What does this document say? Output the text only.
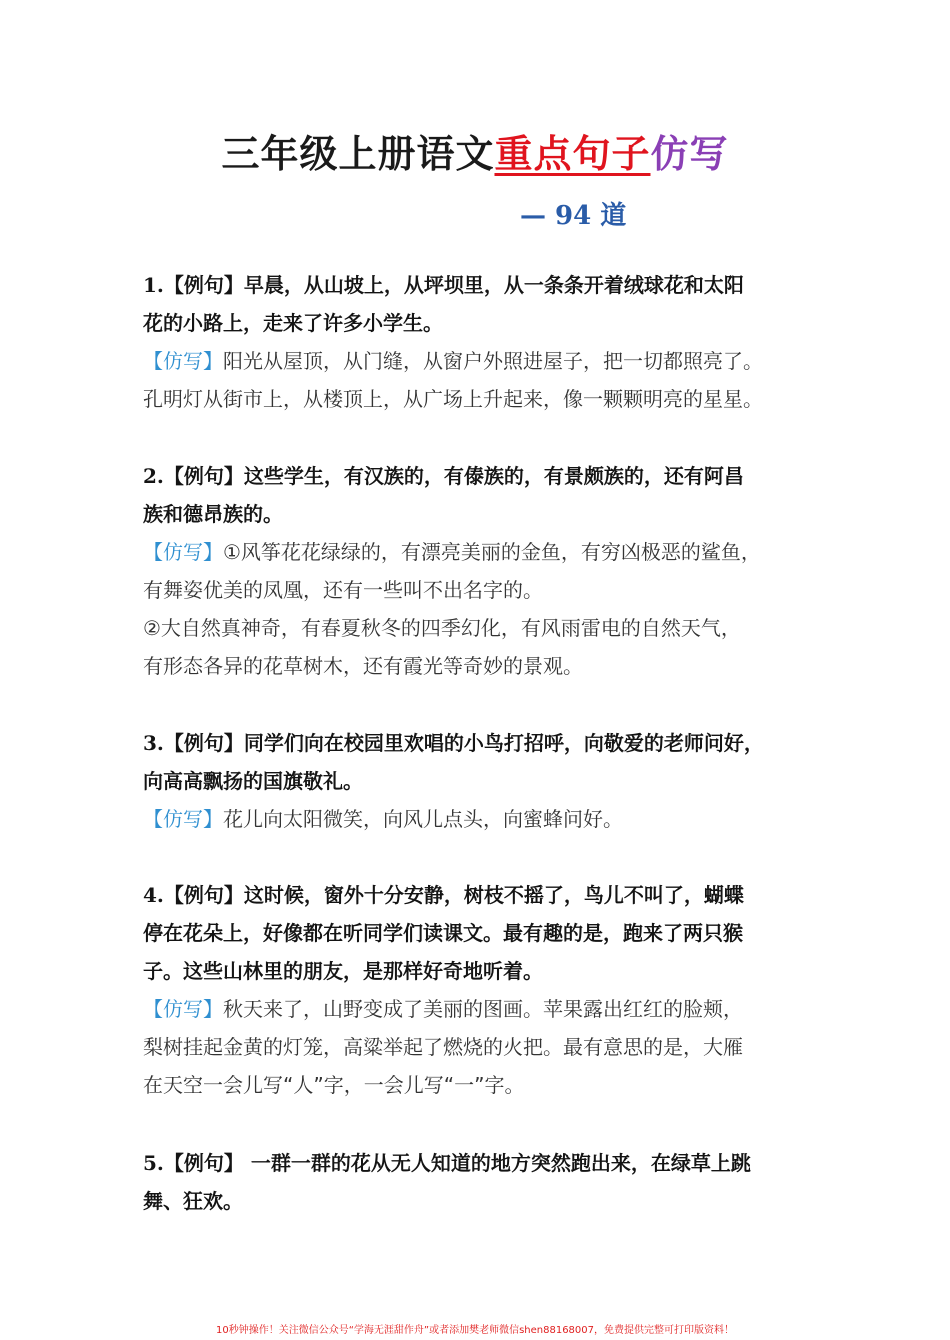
三年级上册语文重点句子仿写
— 94 道
1.【例句】早晨，从山坡上，从坪坝里，从一条条开着绒球花和太阳
花的小路上，走来了许多小学生。
【仿写】阳光从屋顶，从门缝，从窗户外照进屋子，把一切都照亮了。
孔明灯从街市上，从楼顶上，从广场上升起来，像一颗颗明亮的星星。
2.【例句】这些学生，有汉族的，有傣族的，有景颇族的，还有阿昌
族和德昂族的。
【仿写】①风筝花花绿绿的，有漂亮美丽的金鱼，有穷凶极恶的鲨鱼，
有舞姿优美的凤凰，还有一些叫不出名字的。
②大自然真神奇，有春夏秋冬的四季幻化，有风雨雷电的自然天气，
有形态各异的花草树木，还有霞光等奇妙的景观。
3.【例句】同学们向在校园里欢唱的小鸟打招呼，向敬爱的老师问好，
向高高飘扬的国旗敬礼。
【仿写】花儿向太阳微笑，向风儿点头，向蜜蜂问好。
4.【例句】这时候，窗外十分安静，树枝不摇了，鸟儿不叫了，蝴蝶
停在花朵上，好像都在听同学们读课文。最有趣的是，跑来了两只猴
子。这些山林里的朋友，是那样好奇地听着。
【仿写】秋天来了，山野变成了美丽的图画。苹果露出红红的脸颊，
梨树挂起金黄的灯笼，高粱举起了燃烧的火把。最有意思的是，大雁
在天空一会儿写“人”字，一会儿写“一”字。
5.【例句】 一群一群的花从无人知道的地方突然跑出来，在绿草上跳
舞、狂欢。
10秒钟操作！关注微信公众号“学海无涯甜作舟”或者添加樊老师微信shen88168007，免费提供完整可打印版资料！
